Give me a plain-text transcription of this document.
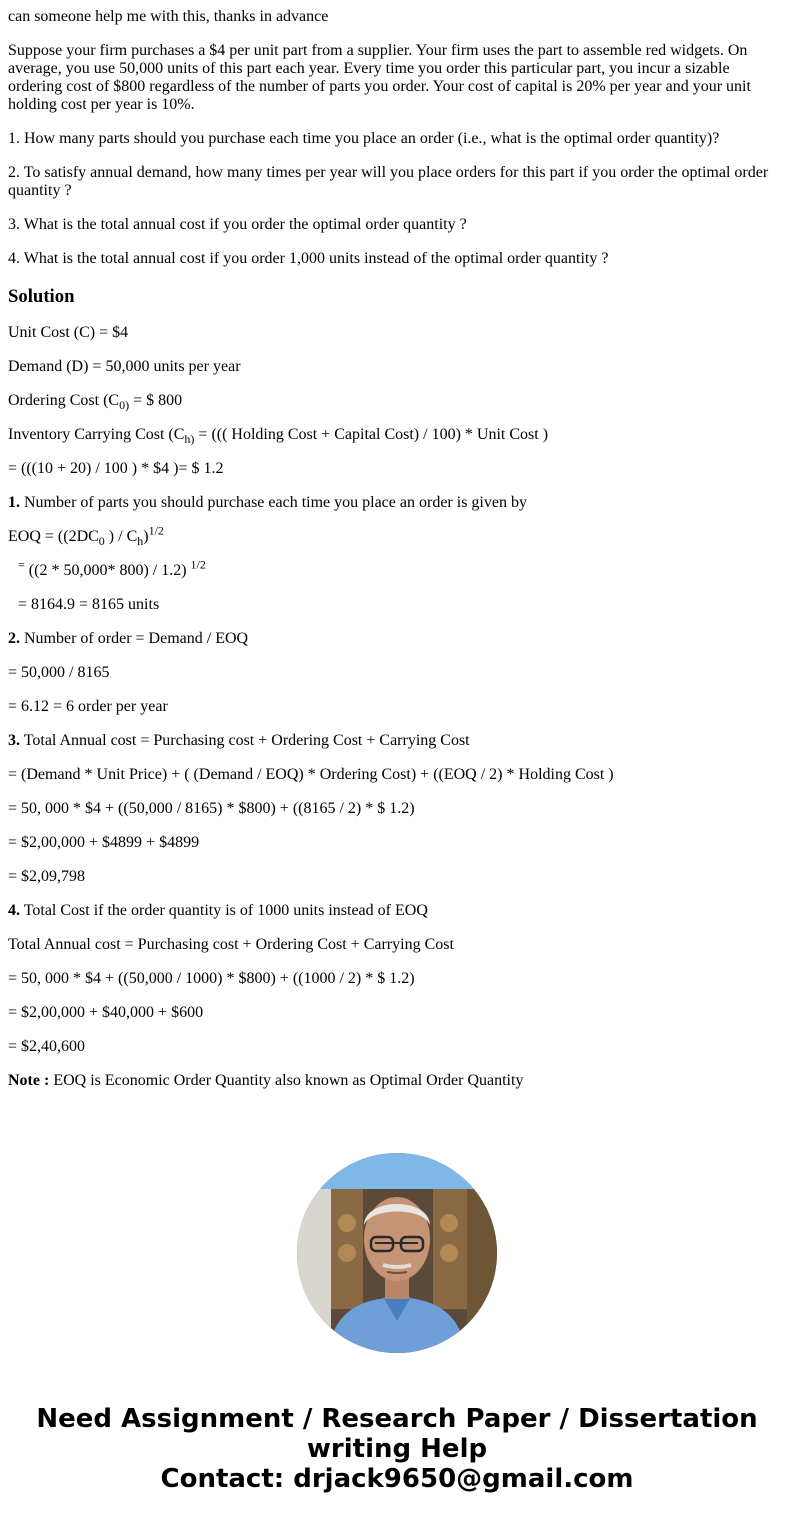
can someone help me with this, thanks in advance

Suppose your firm purchases a $4 per unit part from a supplier. Your firm uses the part to assemble red widgets. On average, you use 50,000 units of this part each year. Every time you order this particular part, you incur a sizable ordering cost of $800 regardless of the number of parts you order. Your cost of capital is 20% per year and your unit holding cost per year is 10%.

1. How many parts should you purchase each time you place an order (i.e., what is the optimal order quantity)?

2. To satisfy annual demand, how many times per year will you place orders for this part if you order the optimal order quantity ?

3. What is the total annual cost if you order the optimal order quantity ?

4. What is the total annual cost if you order 1,000 units instead of the optimal order quantity ?

Solution

Unit Cost (C) = $4

Demand (D) = 50,000 units per year

Ordering Cost ($C_{0)}$ = $ 800

Inventory Carrying Cost ($C_{h)}$ = ((( Holding Cost + Capital Cost) / 100) * Unit Cost )

= (((10 + 20) / 100 ) * $4 )= $ 1.2

1. Number of parts you should purchase each time you place an order is given by

EOQ = (($2DC_0$ ) / $C_h)^{1/2}$

= ((2 * 50,000* 800) / 1.2) $^{1/2}$

= 8164.9 = 8165 units

2. Number of order = Demand / EOQ

= 50,000 / 8165

= 6.12 = 6 order per year

3. Total Annual cost = Purchasing cost + Ordering Cost + Carrying Cost

= (Demand * Unit Price) + ( (Demand / EOQ) * Ordering Cost) + ((EOQ / 2) * Holding Cost )

= 50, 000 * $4 + ((50,000 / 8165) * $800) + ((8165 / 2) * $ 1.2)

= $2,00,000 + $4899 + $4899

= $2,09,798

4. Total Cost if the order quantity is of 1000 units instead of EOQ

Total Annual cost = Purchasing cost + Ordering Cost + Carrying Cost

= 50, 000 * $4 + ((50,000 / 1000) * $800) + ((1000 / 2) * $ 1.2)

= $2,00,000 + $40,000 + $600

= $2,40,600

Note : EOQ is Economic Order Quantity also known as Optimal Order Quantity

Need Assignment / Research Paper / Dissertation
writing Help
Contact: drjack9650@gmail.com
